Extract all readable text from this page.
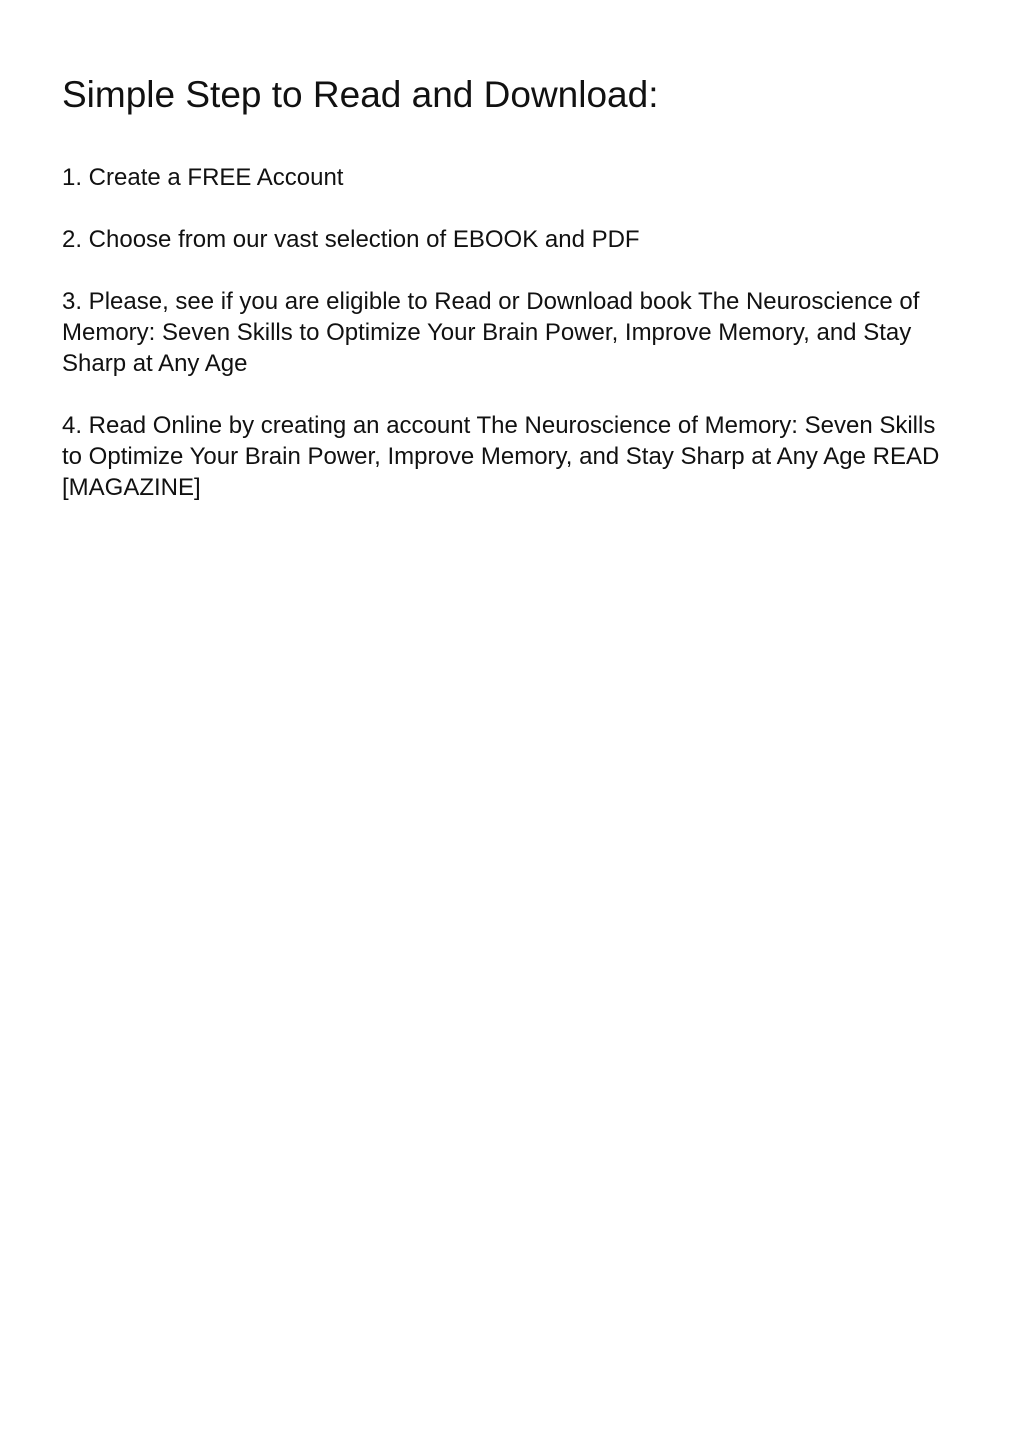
Simple Step to Read and Download:

1. Create a FREE Account

2. Choose from our vast selection of EBOOK and PDF

3. Please, see if you are eligible to Read or Download book The Neuroscience of Memory: Seven Skills to Optimize Your Brain Power, Improve Memory, and Stay Sharp at Any Age

4. Read Online by creating an account The Neuroscience of Memory: Seven Skills to Optimize Your Brain Power, Improve Memory, and Stay Sharp at Any Age READ [MAGAZINE]
